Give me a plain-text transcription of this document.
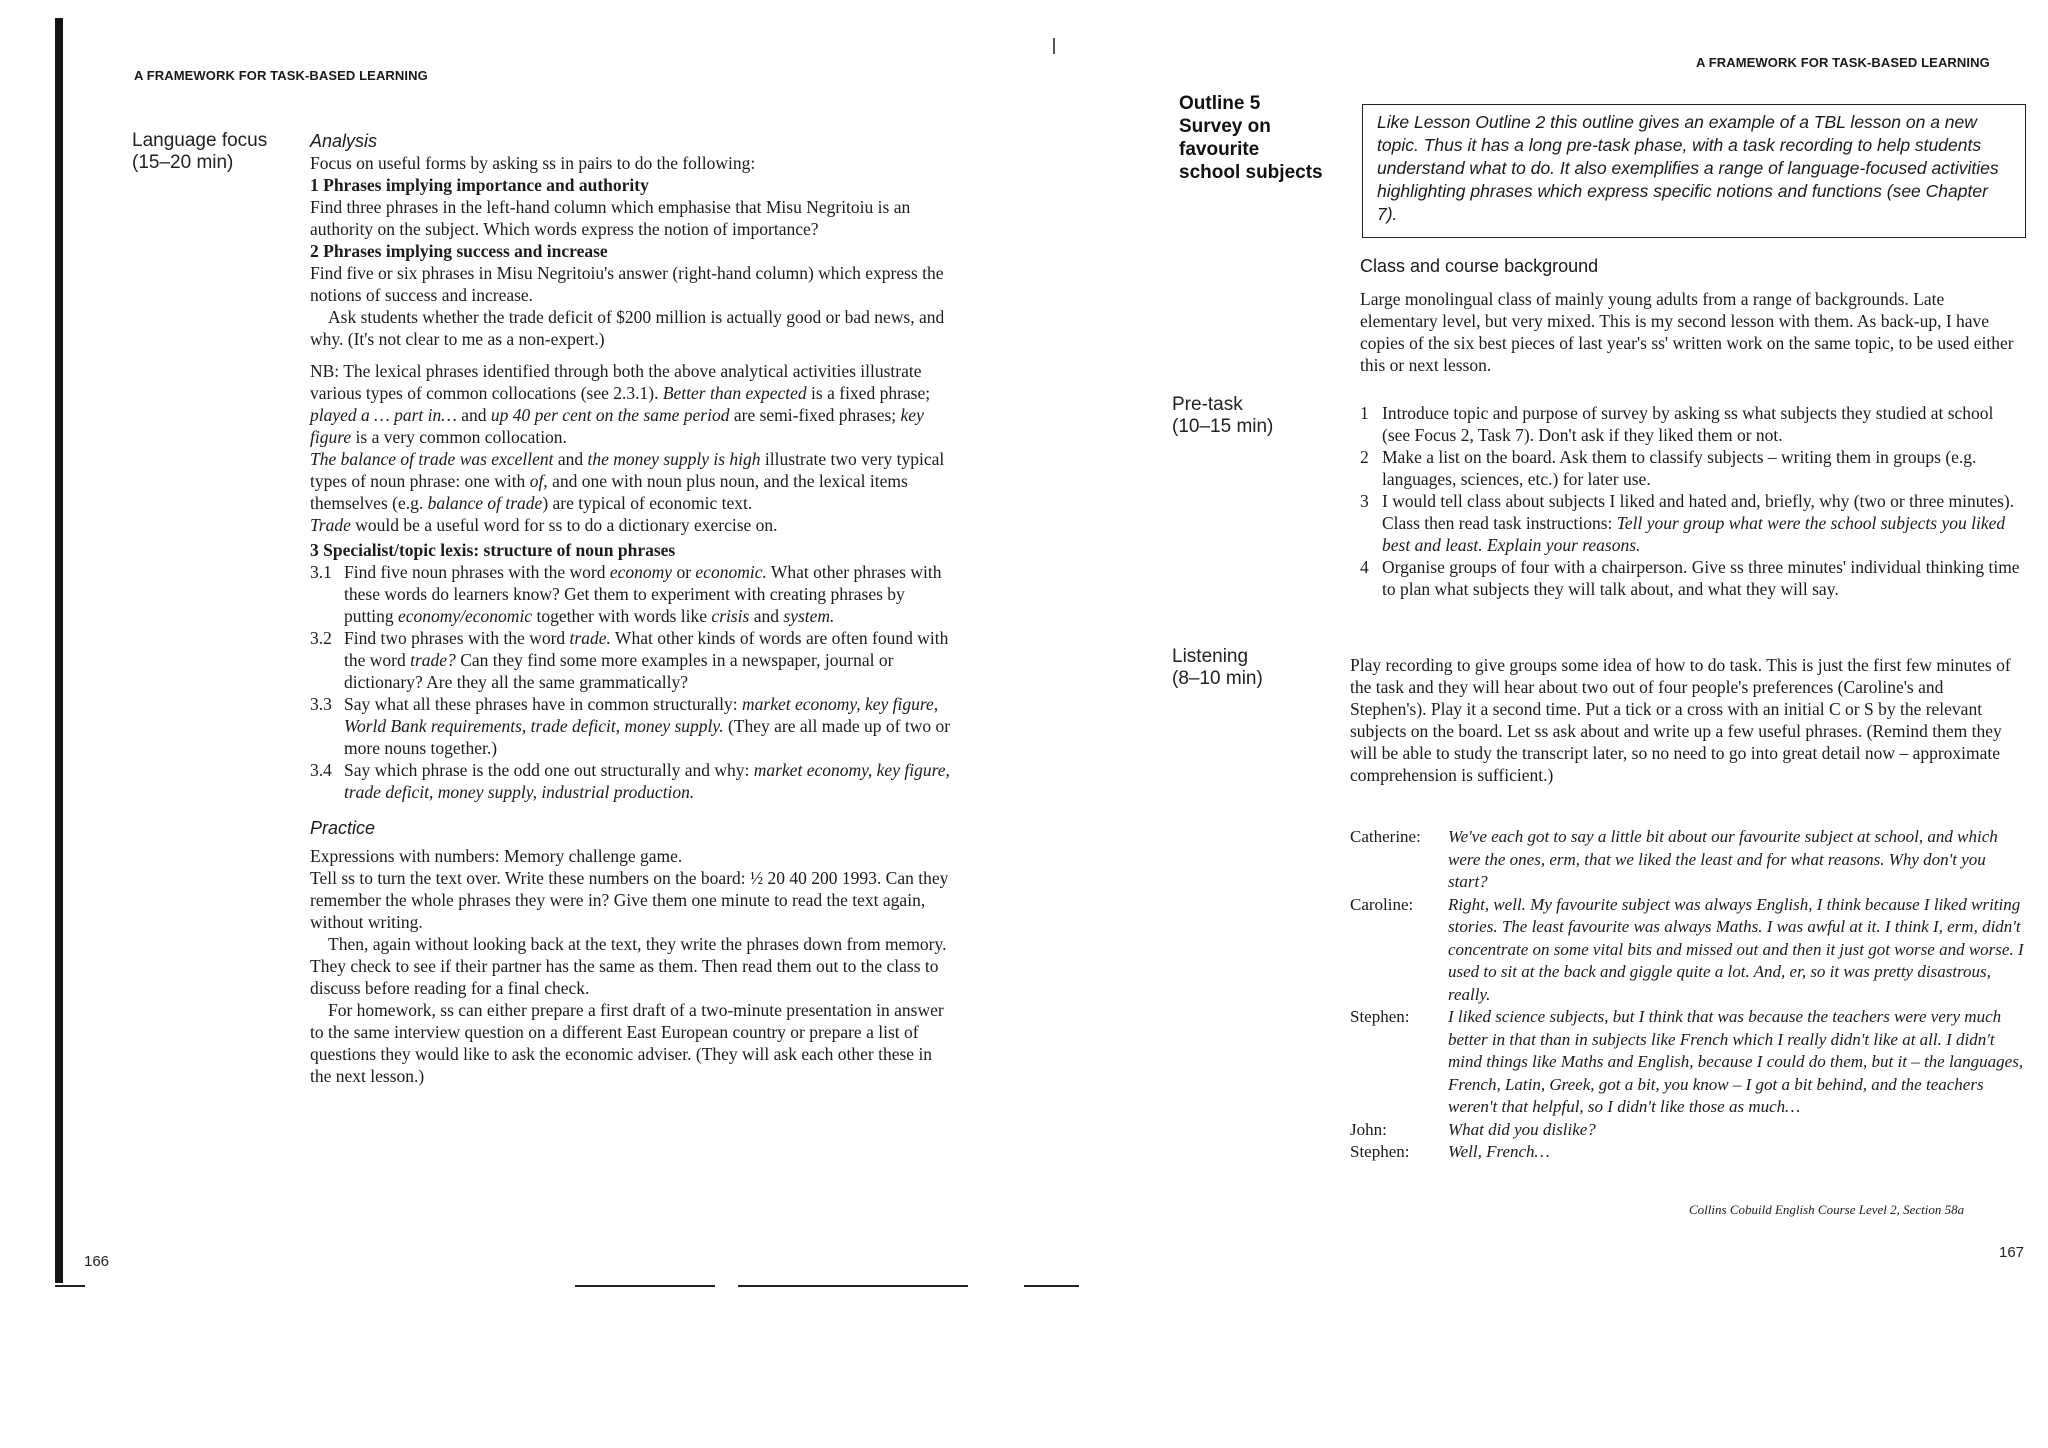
A FRAMEWORK FOR TASK-BASED LEARNING
Language focus
(15–20 min)

Analysis

Focus on useful forms by asking ss in pairs to do the following:

1 Phrases implying importance and authority

Find three phrases in the left-hand column which emphasise that Misu Negritoiu is an authority on the subject. Which words express the notion of importance?

2 Phrases implying success and increase

Find five or six phrases in Misu Negritoiu's answer (right-hand column) which express the notions of success and increase.

Ask students whether the trade deficit of $200 million is actually good or bad news, and why. (It's not clear to me as a non-expert.)

NB: The lexical phrases identified through both the above analytical activities illustrate various types of common collocations (see 2.3.1). Better than expected is a fixed phrase; played a … part in… and up 40 per cent on the same period are semi-fixed phrases; key figure is a very common collocation.

The balance of trade was excellent and the money supply is high illustrate two very typical types of noun phrase: one with of, and one with noun plus noun, and the lexical items themselves (e.g. balance of trade) are typical of economic text.

Trade would be a useful word for ss to do a dictionary exercise on.

3 Specialist/topic lexis: structure of noun phrases

3.1 Find five noun phrases with the word economy or economic. What other phrases with these words do learners know? Get them to experiment with creating phrases by putting economy/economic together with words like crisis and system.
3.2 Find two phrases with the word trade. What other kinds of words are often found with the word trade? Can they find some more examples in a newspaper, journal or dictionary? Are they all the same grammatically?
3.3 Say what all these phrases have in common structurally: market economy, key figure, World Bank requirements, trade deficit, money supply. (They are all made up of two or more nouns together.)
3.4 Say which phrase is the odd one out structurally and why: market economy, key figure, trade deficit, money supply, industrial production.

Practice

Expressions with numbers: Memory challenge game.

Tell ss to turn the text over. Write these numbers on the board: ½ 20 40 200 1993. Can they remember the whole phrases they were in? Give them one minute to read the text again, without writing.

Then, again without looking back at the text, they write the phrases down from memory. They check to see if their partner has the same as them. Then read them out to the class to discuss before reading for a final check.

For homework, ss can either prepare a first draft of a two-minute presentation in answer to the same interview question on a different East European country or prepare a list of questions they would like to ask the economic adviser. (They will ask each other these in the next lesson.)

166
A FRAMEWORK FOR TASK-BASED LEARNING
Outline 5
Survey on
favourite
school subjects
Like Lesson Outline 2 this outline gives an example of a TBL lesson on a new topic. Thus it has a long pre-task phase, with a task recording to help students understand what to do. It also exemplifies a range of language-focused activities highlighting phrases which express specific notions and functions (see Chapter 7).
Class and course background
Large monolingual class of mainly young adults from a range of backgrounds. Late elementary level, but very mixed. This is my second lesson with them. As back-up, I have copies of the six best pieces of last year's ss' written work on the same topic, to be used either this or next lesson.
Pre-task
(10–15 min)
1 Introduce topic and purpose of survey by asking ss what subjects they studied at school (see Focus 2, Task 7). Don't ask if they liked them or not.
2 Make a list on the board. Ask them to classify subjects – writing them in groups (e.g. languages, sciences, etc.) for later use.
3 I would tell class about subjects I liked and hated and, briefly, why (two or three minutes). Class then read task instructions: Tell your group what were the school subjects you liked best and least. Explain your reasons.
4 Organise groups of four with a chairperson. Give ss three minutes' individual thinking time to plan what subjects they will talk about, and what they will say.
Listening
(8–10 min)
Play recording to give groups some idea of how to do task. This is just the first few minutes of the task and they will hear about two out of four people's preferences (Caroline's and Stephen's). Play it a second time. Put a tick or a cross with an initial C or S by the relevant subjects on the board. Let ss ask about and write up a few useful phrases. (Remind them they will be able to study the transcript later, so no need to go into great detail now – approximate comprehension is sufficient.)
Catherine:	We've each got to say a little bit about our favourite subject at school, and which were the ones, erm, that we liked the least and for what reasons. Why don't you start?
Caroline:	Right, well. My favourite subject was always English, I think because I liked writing stories. The least favourite was always Maths. I was awful at it. I think I, erm, didn't concentrate on some vital bits and missed out and then it just got worse and worse. I used to sit at the back and giggle quite a lot. And, er, so it was pretty disastrous, really.
Stephen:	I liked science subjects, but I think that was because the teachers were very much better in that than in subjects like French which I really didn't like at all. I didn't mind things like Maths and English, because I could do them, but it – the languages, French, Latin, Greek, got a bit, you know – I got a bit behind, and the teachers weren't that helpful, so I didn't like those as much…
John:	What did you dislike?
Stephen:	Well, French…
Collins Cobuild English Course Level 2, Section 58a
167
